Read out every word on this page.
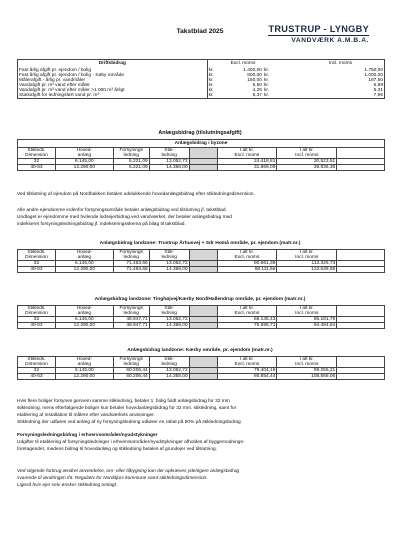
Takstblad 2025	TRUSTRUP - LYNGBY
VANDVÆRK A.M.B.A.
Driftsbidrag		Excl. moms			Incl. moms
Fast årlig afgift pr. ejendom / bolig	kr.	1.400,00	kr.		1.750,00
Fast årlig afgift pr. ejendom / bolig - Søby område	kr.	800,00	kr.		1.000,00
Målerafgift - årlig pr. vandmåler	kr.	150,00	kr.		187,50
Vandafgift pr. m³ vand efter måler	kr.	5,50	kr.		6,88
Vandafgift pr. m³ vand efter måler >1.000 m³ årligt	kr.	4,25	kr.		5,31
Statsafgift for ledningsført vand pr. m³	kr.	6,37	kr.		7,96
Anlægsbidrag (tilslutningsafgift)
Anlægsbidrag i byzone							
Stikleds.	Hoved-	Forsynings	Stik-		I alt kr.	I alt kr.	
Dimension	anlæg	ledning	ledning		Excl. moms	Incl. moms	
32	6.145,00	5.221,09	13.052,72		24.418,81	30.523,51	
40-63	12.290,00	5.221,09	14.358,00		31.869,09	39.836,36	
Ved tilslutning af ejendom på Nordbakken betales udelukkende hovedanlægsbidrag efter stikledningsdimension.
Alle andre ejendomme indenfor forsyningsområde betaler anlægsbidrag ved tilslutning jf. takstblad.
Undtaget er ejendomme med hvilende lodsejerbidrag ved vandværket, der betaler anlægsbidrag med
indekseret forsyningsledningsbidrag jf. indekseringsskema på bilag til takstblad.
Anlægsbidrag landzone: Trustrup Århusvej + Sdr Homå område, pr. ejendom (matr.nr.)
Stikleds.	Hoved-	Forsynings	Stik-		I alt kr.	I alt kr.	
Dimension	anlæg	ledning	ledning		Excl. moms	Incl. moms	
32	6.145,00	71.463,66	13.052,72		90.661,38	113.326,73	
40-63	12.290,00	71.463,66	14.358,00		98.111,66	122.639,58	
Anlægsbidrag landzone: Tinghøjvej/Kærby Nord/Hallendrup område, pr. ejendom (matr.nr.)
Stikleds.	Hoved-	Forsynings	Stik-		I alt kr.	I alt kr.	
Dimension	anlæg	ledning	ledning		Excl. moms	Incl. moms	
32	6.145,00	48.947,71	13.052,72		68.145,43	85.181,79	
40-63	12.290,00	48.947,71	14.358,00		75.595,71	94.494,64	
Anlægsbidrag landzone: Kærby område, pr. ejendom (matr.nr.)
Stikleds.	Hoved-	Forsynings	Stik-		I alt kr.	I alt kr.	
Dimension	anlæg	ledning	ledning		Excl. moms	Incl. moms	
32	6.145,00	60.206,44	13.052,72		79.404,16	99.255,21	
40-63	12.290,00	60.206,44	14.358,00		86.854,44	108.568,06	
Hvis flere boliger forsynes gennem samme stikledning, betaler 1. bolig fuldt anlægsbidrag for 32 mm
stikledning, mens efterfølgende boliger kun betaler hovedanlægsbidrag for 32 mm. stikledning, samt for
etablering af installation til målere efter vandværkets anvisninger.
Stikledning der udføres ved anlæg af ny forsyningsledning udløser en rabat på 50% på stikledningsbidrag
Forsyningsledningsbidrag i erhvervsområder/nyudstykninger
Udgifter til etablering af forsyningsledninger i erhvervsområder/nyudstykninger afholdes af byggemodnings-
foretagendet, medens bidrag til hovedanlæg og stikledning betales af grundejer ved tilslutning.
Ved stigende forbrug ændret anvendelse, om- eller tilbygning kan der opkræves yderligere anlægsbidrag
svarende til ændringen iht. Regulativ for Norddjurs kommune samt stikledningsdimension.
Ligeså hvis ejer selv ønsker stikledning omlagt.
